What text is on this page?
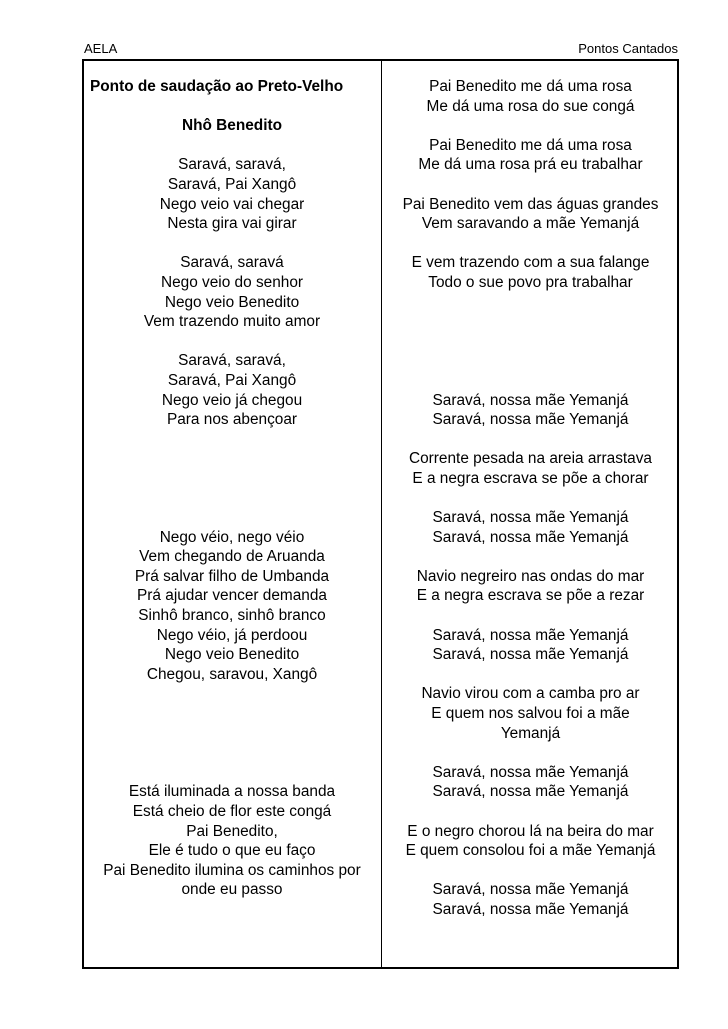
AELA	Pontos Cantados
Ponto de saudação ao Preto-Velho
Nhô Benedito
Saravá, saravá,
Saravá, Pai Xangô
Nego veio vai chegar
Nesta gira vai girar
Saravá, saravá
Nego veio do senhor
Nego veio Benedito
Vem trazendo muito amor
Saravá, saravá,
Saravá, Pai Xangô
Nego veio já chegou
Para nos abençoar
Nego véio, nego véio
Vem chegando de Aruanda
Prá salvar filho de Umbanda
Prá ajudar vencer demanda
Sinhô branco, sinhô branco
Nego véio, já perdoou
Nego veio Benedito
Chegou, saravou, Xangô
Está iluminada a nossa banda
Está cheio de flor este congá
Pai Benedito,
Ele é tudo o que eu faço
Pai Benedito ilumina os caminhos por
onde eu passo
Pai Benedito me dá uma rosa
Me dá uma rosa do sue congá
Pai Benedito me dá uma rosa
Me dá uma rosa prá eu trabalhar
Pai Benedito vem das águas grandes
Vem saravando a mãe Yemanjá
E vem trazendo com a sua falange
Todo o sue povo pra trabalhar
Saravá, nossa mãe Yemanjá
Saravá, nossa mãe Yemanjá
Corrente pesada na areia arrastava
E a negra escrava se põe a chorar
Saravá, nossa mãe Yemanjá
Saravá, nossa mãe Yemanjá
Navio negreiro nas ondas do mar
E a negra escrava se põe a rezar
Saravá, nossa mãe Yemanjá
Saravá, nossa mãe Yemanjá
Navio virou com a camba pro ar
E quem nos salvou foi a mãe
Yemanjá
Saravá, nossa mãe Yemanjá
Saravá, nossa mãe Yemanjá
E o negro chorou lá na beira do mar
E quem consolou foi a mãe Yemanjá
Saravá, nossa mãe Yemanjá
Saravá, nossa mãe Yemanjá
